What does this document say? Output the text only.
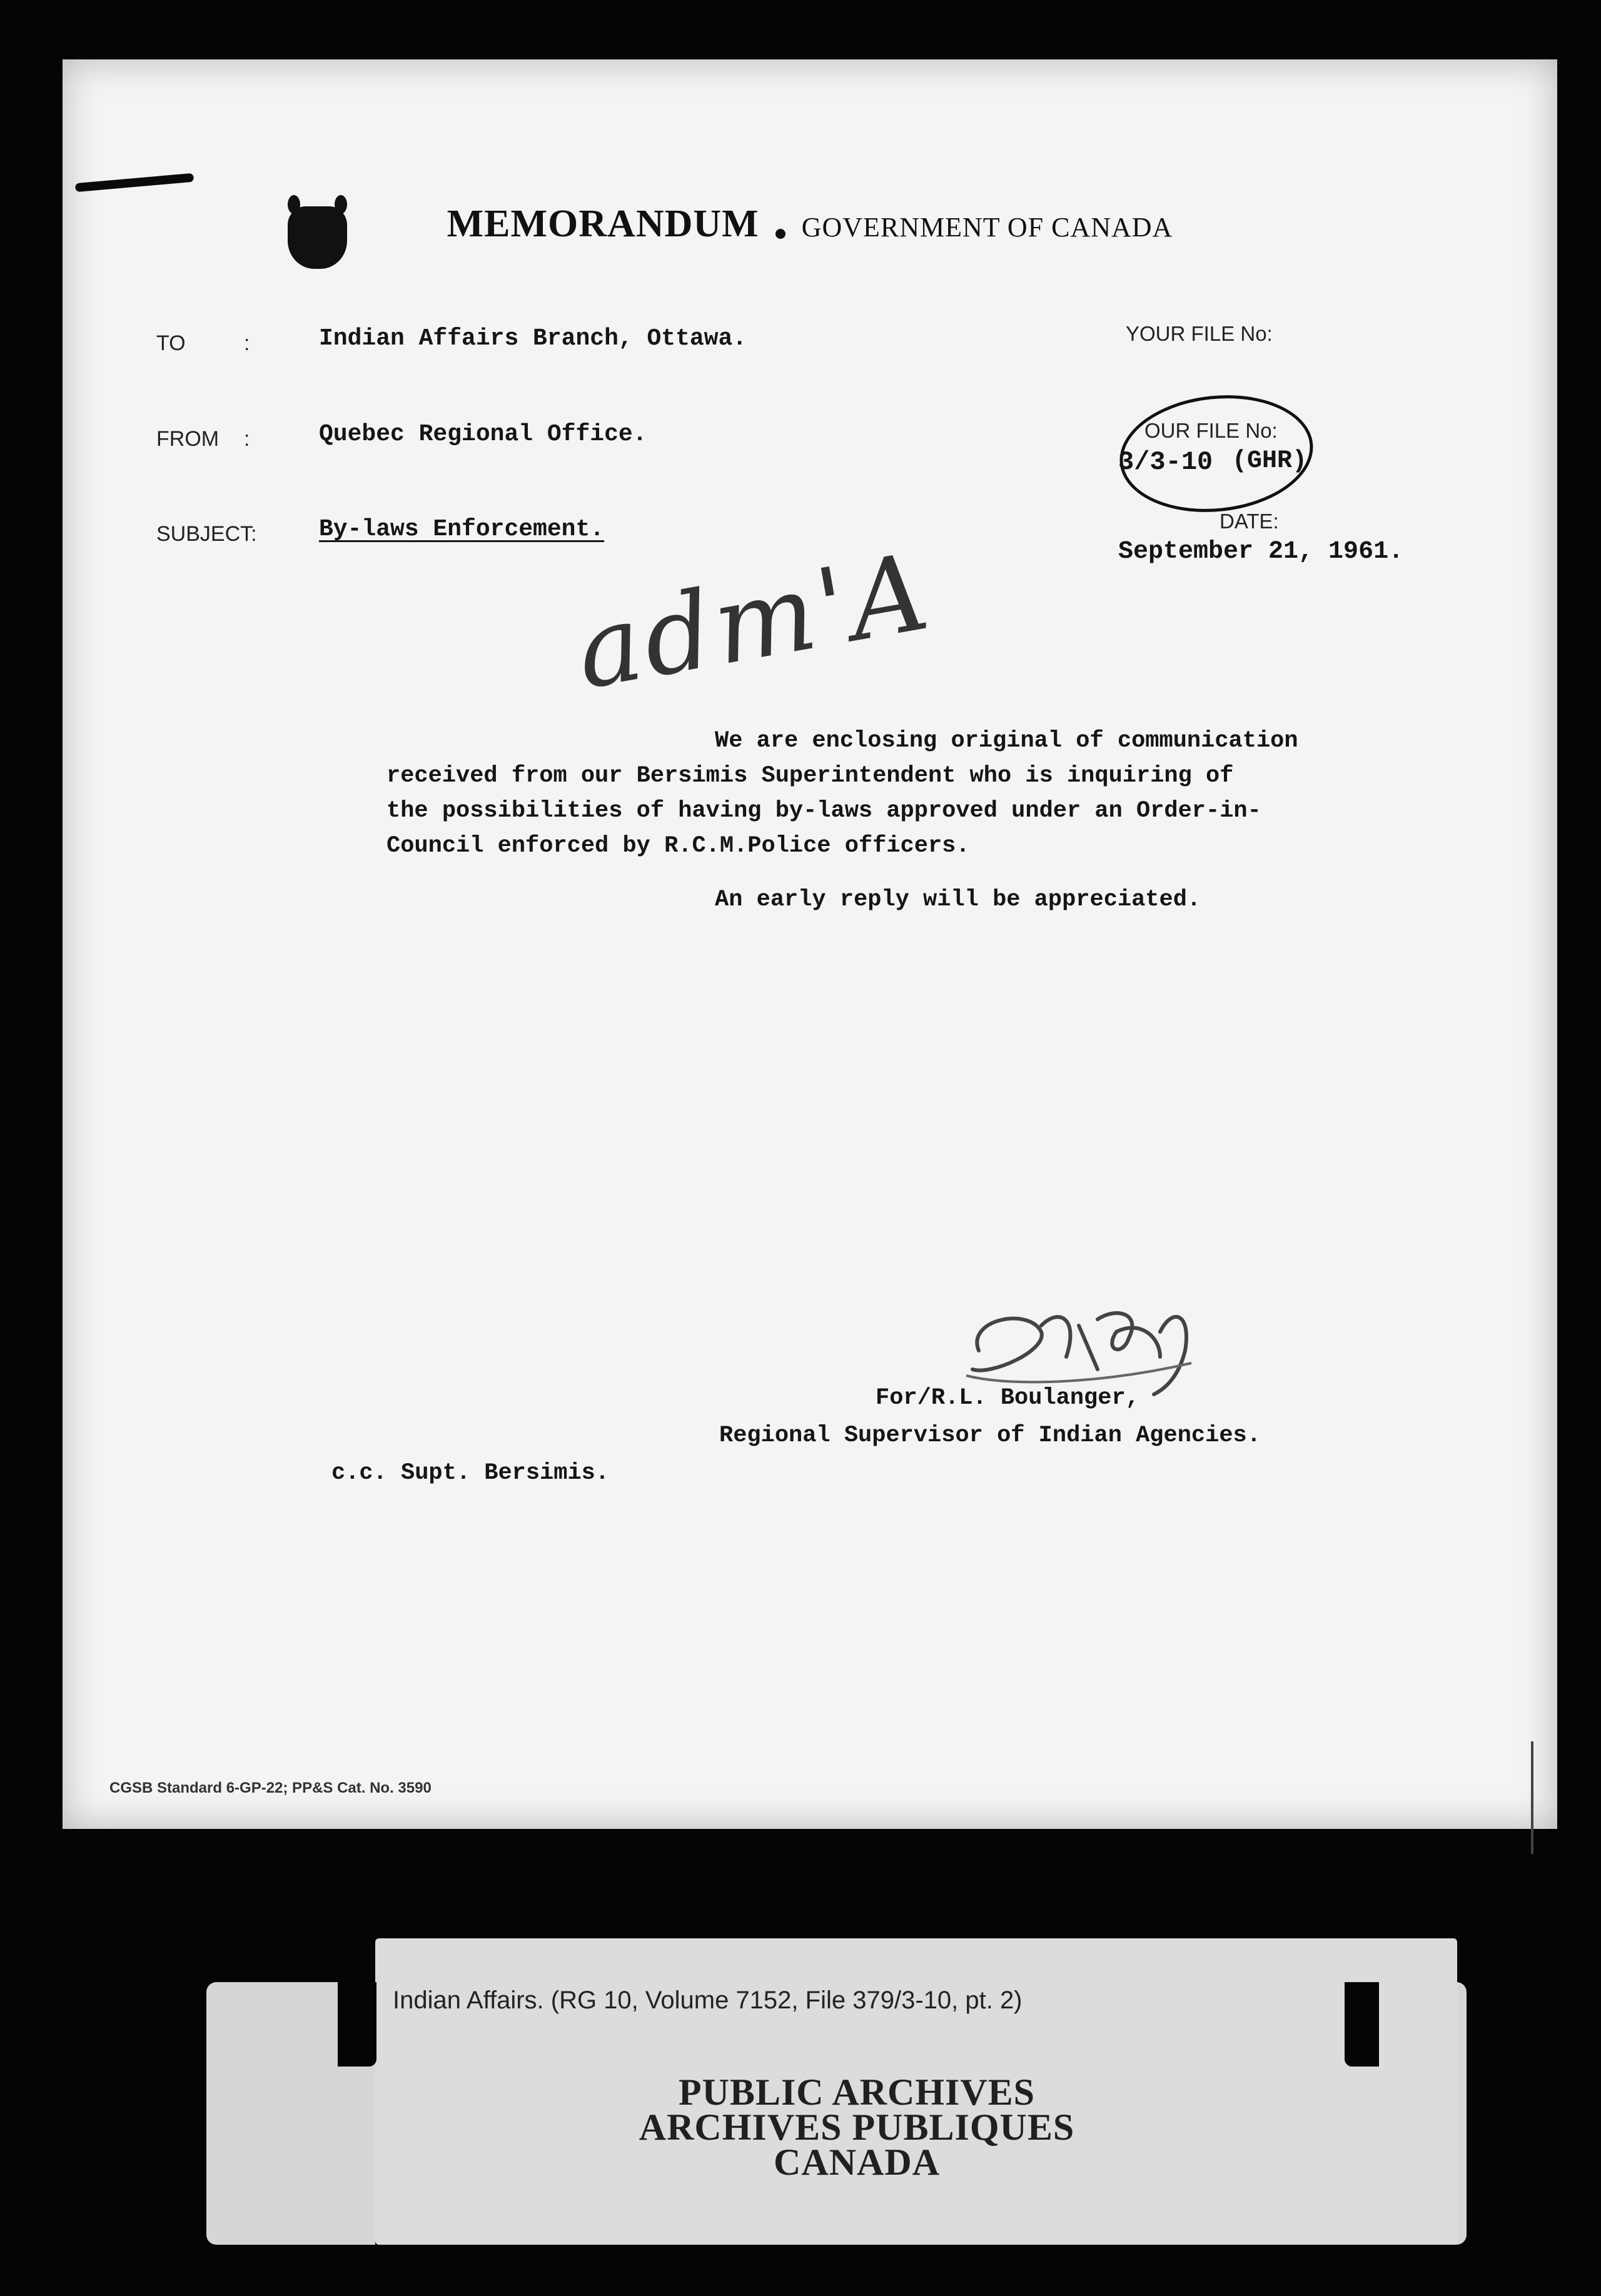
MEMORANDUM GOVERNMENT OF CANADA
TO	:	Indian Affairs Branch, Ottawa.
FROM :	Quebec Regional Office.
SUBJECT:	By-laws Enforcement.
YOUR FILE No:
OUR FILE No:
3/3-10 (GHR)
DATE:
September 21, 1961.
adm'A

We are enclosing original of communication

received from our Bersimis Superintendent who is inquiring of

the possibilities of having by-laws approved under an Order-in-

Council enforced by R.C.M.Police officers.

An early reply will be appreciated.

For/R.L. Boulanger,
Regional Supervisor of Indian Agencies.
c.c. Supt. Bersimis.
CGSB Standard 6-GP-22; PP&S Cat. No. 3590
Indian Affairs. (RG 10, Volume 7152, File 379/3-10, pt. 2)
PUBLIC ARCHIVES
ARCHIVES PUBLIQUES
CANADA
